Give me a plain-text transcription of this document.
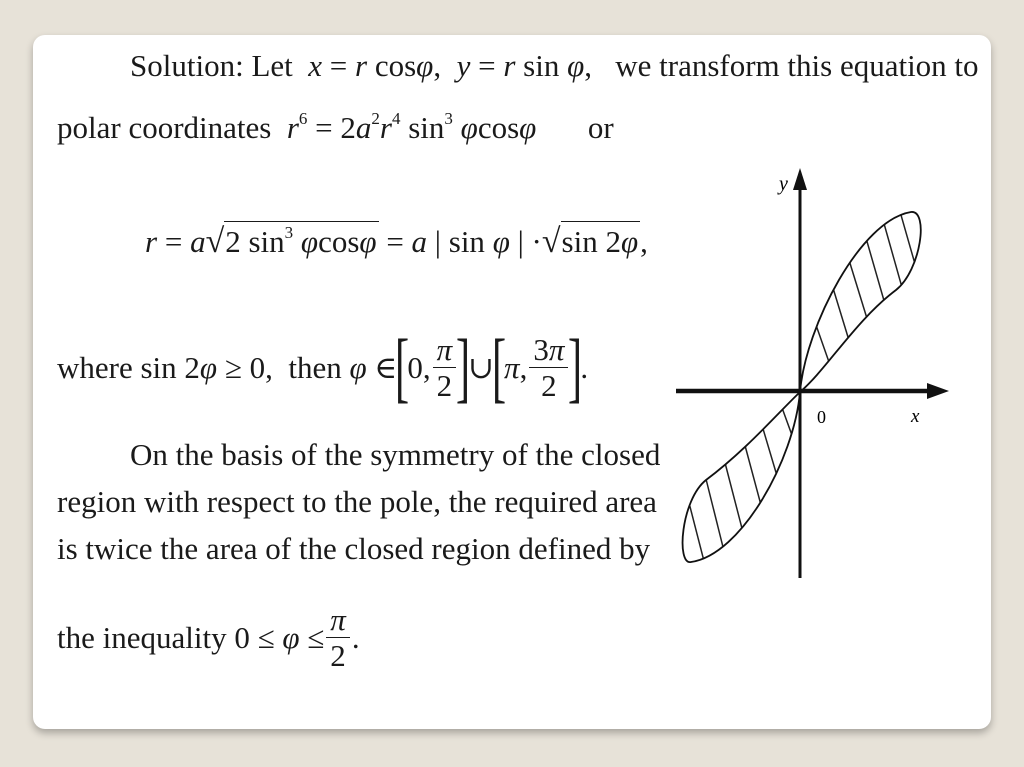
Solution: Let x = r cosφ,  y = r sin φ,   we transform this equation to
polar coordinates $r^6 = 2a^2r^4$ $\sin^3 \varphi\cos\varphi$ or
r = a√2 $\sin^3 \varphi\cos\varphi = a$ | sin φ | ·√sin 2φ,
where sin 2φ ≥ 0, then φ ∈
[
0, $\frac{\pi}{2}$ ]
∪
[
π , $\frac{3\pi}{2}$ ]
.
On the basis of the symmetry of the closed
region with respect to the pole, the required area
is twice the area of the closed region defined by
the inequality $0 \le \varphi \le \frac{\pi}{2}$ .
y
x
0
